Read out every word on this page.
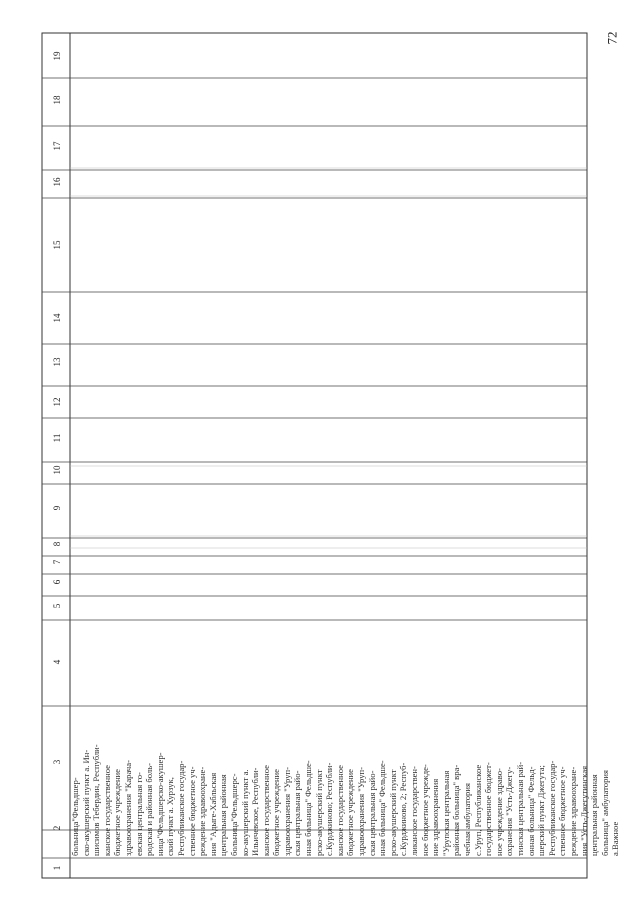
72
1
2
3
4
5
6
7
8
9
10
11
12
13
14
15
16
17
18
19
больница"Фельдшер-
ско-акушерский пункт а. Ин-
шисимов Тебердин, Республи-
канское государственное
бюджетное учреждение
здравоохранения "Карача-
евская центральная го-
родская и районная боль-
ница"Фельдшерско-акушер-
ский пункт а. Хурзук,
Республиканское государ-
ственное бюджетное уч-
реждение здравоохране-
ния "Адыге-Хабльская
центральная районная
больница"Фельдшерс-
ко-акушерский пункт а.
Ильичевское, Республи-
канское государственное
бюджетное учреждение
здравоохранения "Уруп-
ская центральная райо-
нная больница" Фельдше-
рско-акушерский пункт
с.Курджиново; Республи-
канское государственное
бюджетное учреждение
здравоохранения "Уруп-
ская центральная райо-
нная больница" Фельдше-
рско-акушерский пункт
с.Курджиново, 2; Респуб-
ликанское государствен-
ное бюджетное учрежде-
ние здравоохранения
"Урупская центральная
районная больница" вра-
чебная амбулатория
с.Уруп, Республиканское
государственное бюджет-
ное учреждение здраво-
охранения "Усть-Джегу-
тинская центральная рай-
онная больница" Фельд-
шерский пункт Джегута;
Республиканское государ-
ственное бюджетное уч-
реждение здравоохране-
ния "Усть-Джегутинская
центральная районная
больница" амбулатория
а.Важное
